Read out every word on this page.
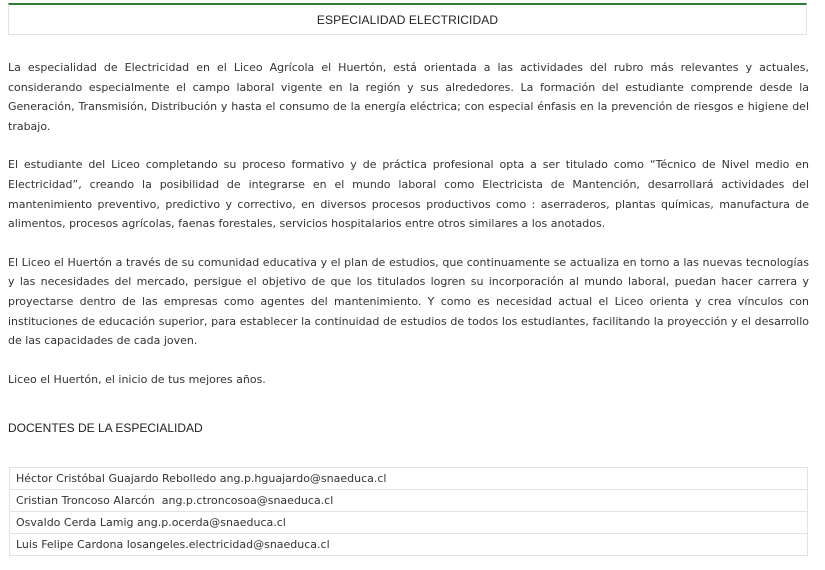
ESPECIALIDAD ELECTRICIDAD

La especialidad de Electricidad en el Liceo Agrícola el Huertón, está orientada a las actividades del rubro más relevantes y actuales, considerando especialmente el campo laboral vigente en la región y sus alrededores. La formación del estudiante comprende desde la Generación, Transmisión, Distribución y hasta el consumo de la energía eléctrica; con especial énfasis en la prevención de riesgos e higiene del trabajo.

El estudiante del Liceo completando su proceso formativo y de práctica profesional opta a ser titulado como “Técnico de Nivel medio en Electricidad”, creando la posibilidad de integrarse en el mundo laboral como Electricista de Mantención, desarrollará actividades del mantenimiento preventivo, predictivo y correctivo, en diversos procesos productivos como : aserraderos, plantas químicas, manufactura de alimentos, procesos agrícolas, faenas forestales, servicios hospitalarios entre otros similares a los anotados.

El Liceo el Huertón a través de su comunidad educativa y el plan de estudios, que continuamente se actualiza en torno a las nuevas tecnologías y las necesidades del mercado, persigue el objetivo de que los titulados logren su incorporación al mundo laboral, puedan hacer carrera y proyectarse dentro de las empresas como agentes del mantenimiento. Y como es necesidad actual el Liceo orienta y crea vínculos con instituciones de educación superior, para establecer la continuidad de estudios de todos los estudiantes, facilitando la proyección y el desarrollo de las capacidades de cada joven.

Liceo el Huertón, el inicio de tus mejores años.

DOCENTES DE LA ESPECIALIDAD
Héctor Cristóbal Guajardo Rebolledo ang.p.hguajardo@snaeduca.cl
Cristian Troncoso Alarcón  ang.p.ctroncosoa@snaeduca.cl
Osvaldo Cerda Lamig ang.p.ocerda@snaeduca.cl
Luis Felipe Cardona losangeles.electricidad@snaeduca.cl
